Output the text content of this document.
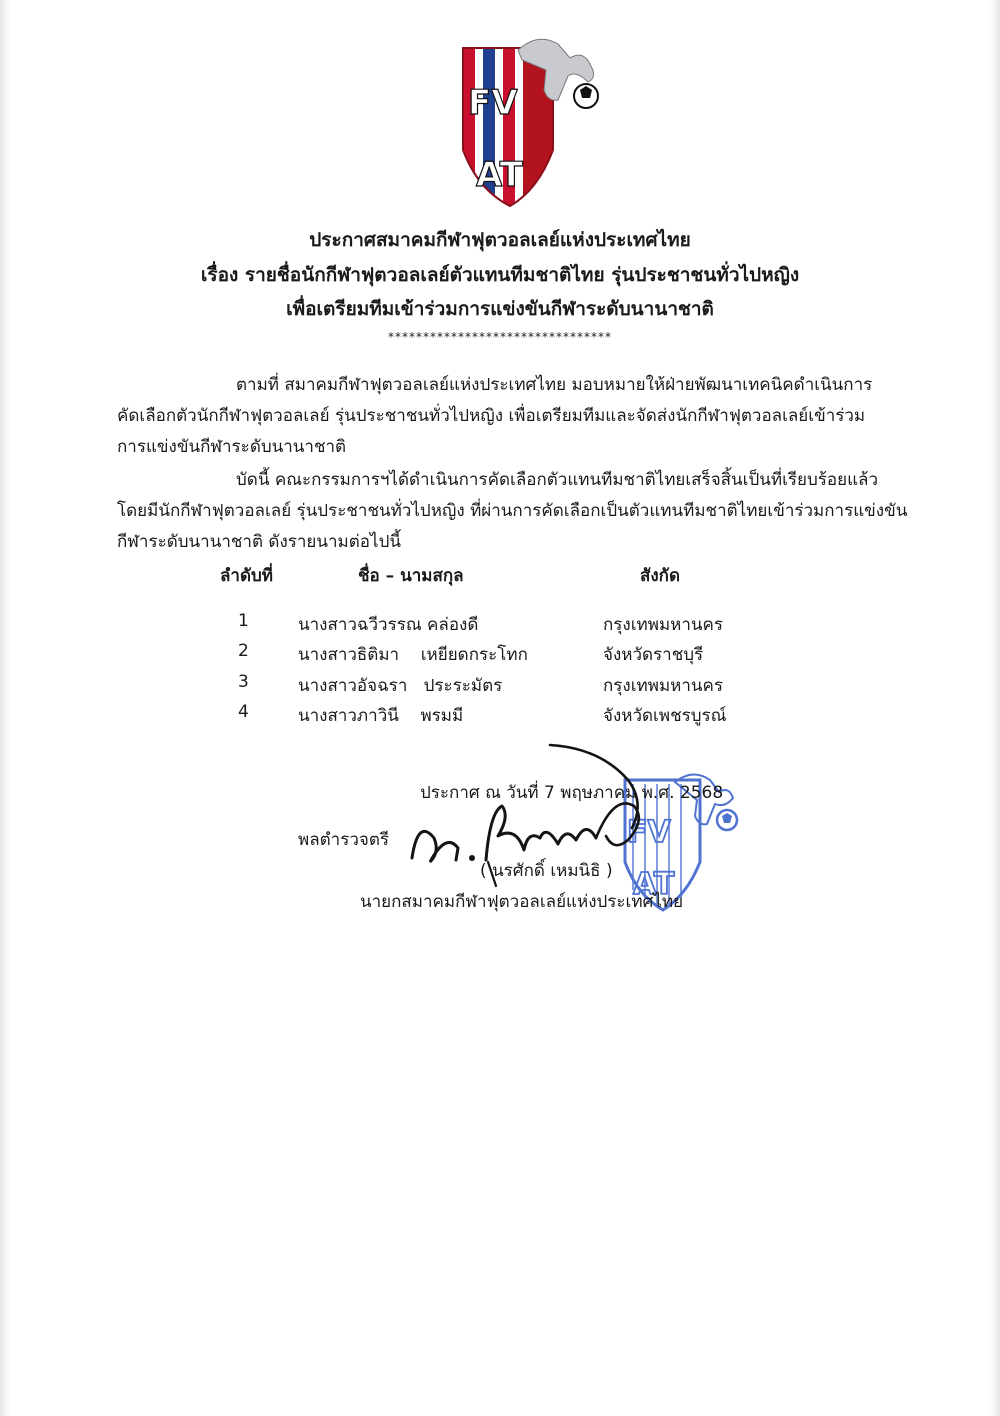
FV
AT
ประกาศสมาคมกีฬาฟุตวอลเลย์แห่งประเทศไทย
เรื่อง รายชื่อนักกีฬาฟุตวอลเลย์ตัวแทนทีมชาติไทย รุ่นประชาชนทั่วไปหญิง
เพื่อเตรียมทีมเข้าร่วมการแข่งขันกีฬาระดับนานาชาติ
********************************
ตามที่ สมาคมกีฬาฟุตวอลเลย์แห่งประเทศไทย มอบหมายให้ฝ่ายพัฒนาเทคนิคดำเนินการ
คัดเลือกตัวนักกีฬาฟุตวอลเลย์ รุ่นประชาชนทั่วไปหญิง เพื่อเตรียมทีมและจัดส่งนักกีฬาฟุตวอลเลย์เข้าร่วม
การแข่งขันกีฬาระดับนานาชาติ
บัดนี้ คณะกรรมการฯได้ดำเนินการคัดเลือกตัวแทนทีมชาติไทยเสร็จสิ้นเป็นที่เรียบร้อยแล้ว
โดยมีนักกีฬาฟุตวอลเลย์ รุ่นประชาชนทั่วไปหญิง ที่ผ่านการคัดเลือกเป็นตัวแทนทีมชาติไทยเข้าร่วมการแข่งขัน
กีฬาระดับนานาชาติ ดังรายนามต่อไปนี้
ลำดับที่	ชื่อ – นามสกุล	สังกัด
1	นางสาวฉวีวรรณ คล่องดี	กรุงเทพมหานคร
2	นางสาวธิติมา    เหยียดกระโทก	จังหวัดราชบุรี
3	นางสาวอัจฉรา   ประระมัตร	กรุงเทพมหานคร
4	นางสาวภาวินี    พรมมี	จังหวัดเพชรบูรณ์
FV
AT
ประกาศ ณ วันที่ 7 พฤษภาคม พ.ศ. 2568
พลตำรวจตรี
( นรศักดิ์ เหมนิธิ )
นายกสมาคมกีฬาฟุตวอลเลย์แห่งประเทศไทย
